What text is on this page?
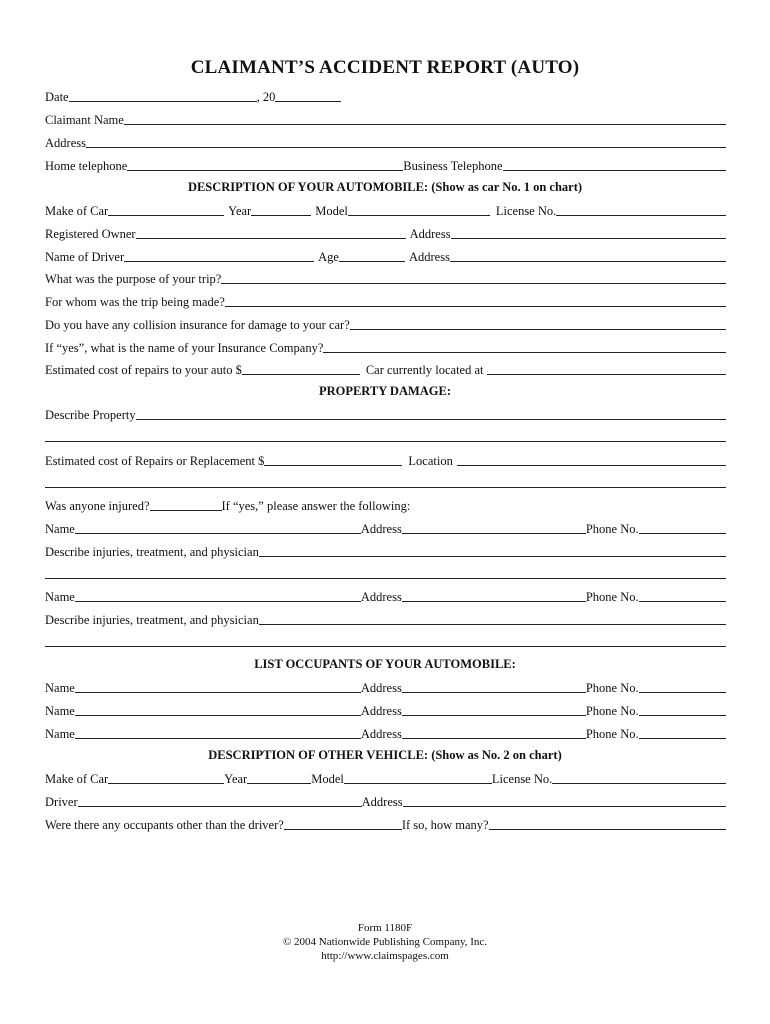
CLAIMANT’S ACCIDENT REPORT (AUTO)
Date	, 20
Claimant Name
Address
Home telephone	Business Telephone
DESCRIPTION OF YOUR AUTOMOBILE: (Show as car No. 1 on chart)
Make of Car	Year	Model	License No.
Registered Owner	Address
Name of Driver	Age	Address
What was the purpose of your trip?
For whom was the trip being made?
Do you have any collision insurance for damage to your car?
If “yes”, what is the name of your Insurance Company?
Estimated cost of repairs to your auto $	Car currently located at
PROPERTY DAMAGE:
Describe Property
Estimated cost of Repairs or Replacement $	Location
Was anyone injured?	If “yes,” please answer the following:
Name	Address	Phone No.
Describe injuries, treatment, and physician
Name	Address	Phone No.
Describe injuries, treatment, and physician
LIST OCCUPANTS OF YOUR AUTOMOBILE:
Name	Address	Phone No.
Name	Address	Phone No.
Name	Address	Phone No.
DESCRIPTION OF OTHER VEHICLE: (Show as No. 2 on chart)
Make of Car	Year	Model	License No.
Driver	Address
Were there any occupants other than the driver?	If so, how many?
Form 1180F
© 2004 Nationwide Publishing Company, Inc.
http://www.claimspages.com
